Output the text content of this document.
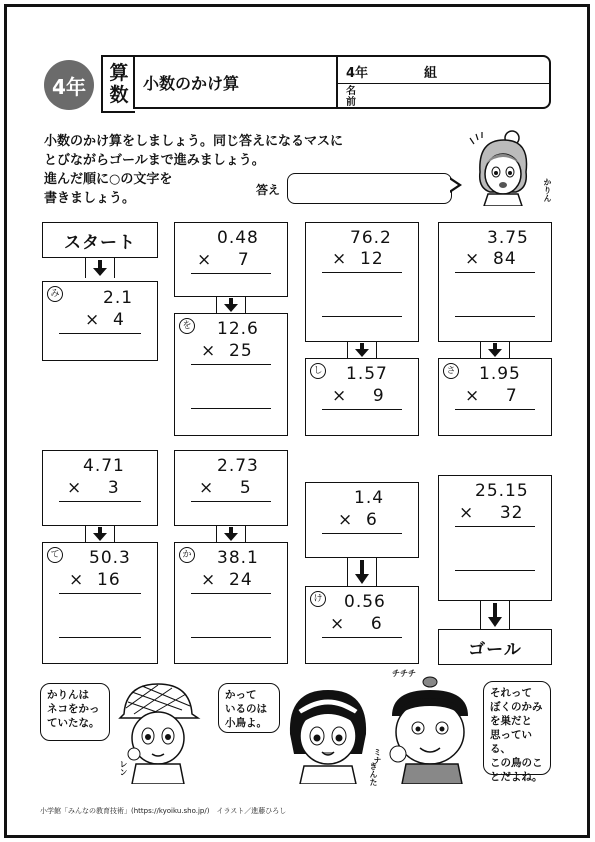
4年
算
数
小数のかけ算	4年	組
名前
小数のかけ算をしましょう。同じ答えになるマスに
とびながらゴールまで進みましょう。
進んだ順に○の文字を
書きましょう。
答え	かりん
スタート
み	2.1
×  4
0.48
×    7
を 12.6
×  25
76.2
×  12
し 1.57
×    9
3.75
×  84
さ 1.95
×    7
4.71
×    3
て 50.3
×  16
2.73
×    5
か 38.1
×  24
1.4
×  6
け 0.56
×    6
25.15
×    32
ゴール
かりんは
ネコをかっ
ていたな。
レン
かって
いるのは
小鳥よ。
ミナ
チチチ
きんた
それって
ぼくのかみ
を巣だと
思っている、
この鳥のこ
とだよね。
小学館「みんなの教育技術」(https://kyoiku.sho.jp/)　イラスト／進藤ひろし
